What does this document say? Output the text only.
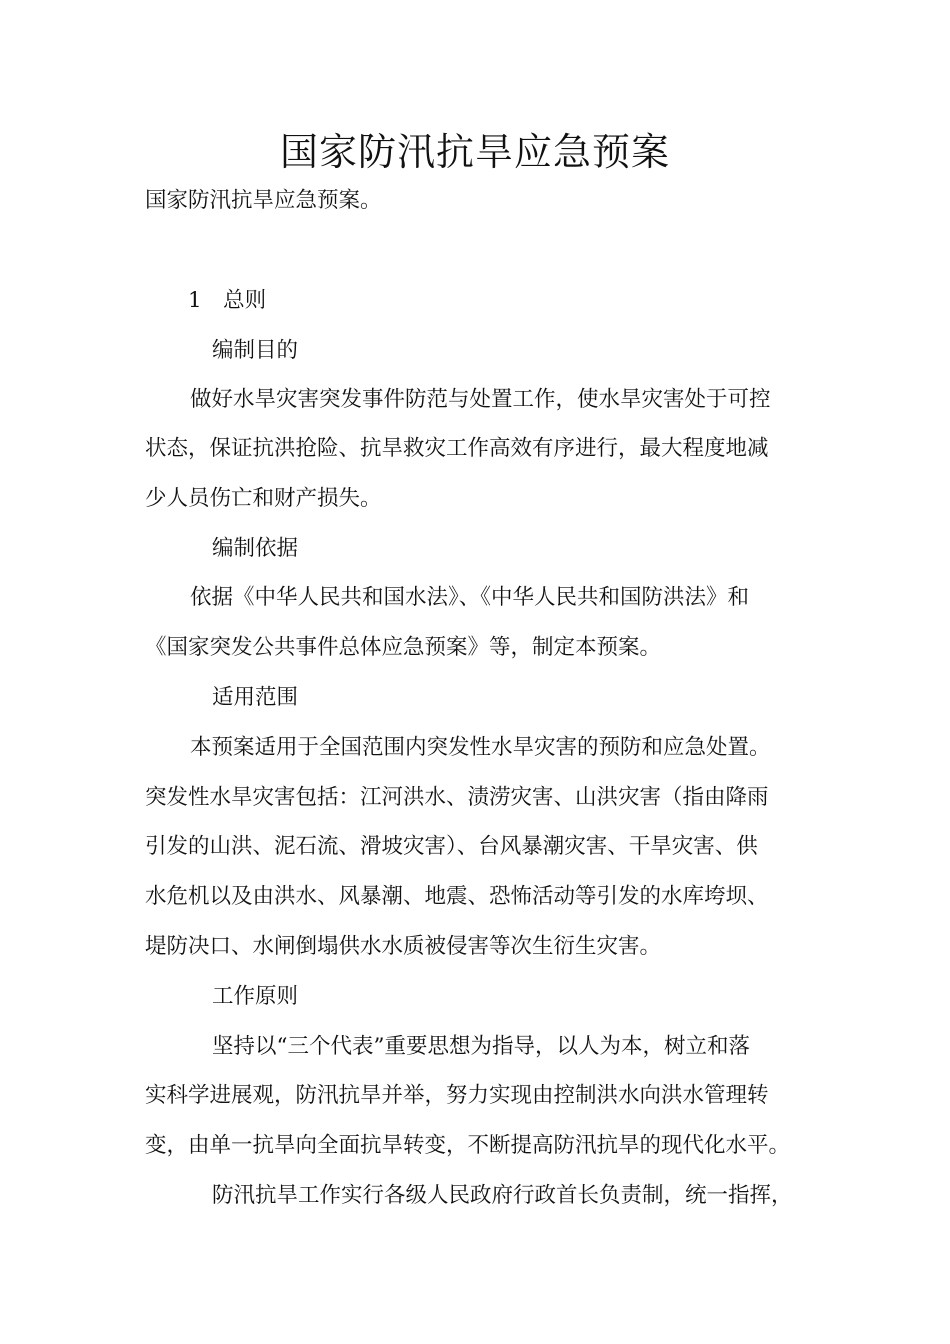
国家防汛抗旱应急预案
国家防汛抗旱应急预案。
1　总则
编制目的
做好水旱灾害突发事件防范与处置工作，使水旱灾害处于可控
状态，保证抗洪抢险、抗旱救灾工作高效有序进行，最大程度地减
少人员伤亡和财产损失。
编制依据
依据《中华人民共和国水法》、《中华人民共和国防洪法》和
《国家突发公共事件总体应急预案》等，制定本预案。
适用范围
本预案适用于全国范围内突发性水旱灾害的预防和应急处置。
突发性水旱灾害包括：江河洪水、渍涝灾害、山洪灾害（指由降雨
引发的山洪、泥石流、滑坡灾害）、台风暴潮灾害、干旱灾害、供
水危机以及由洪水、风暴潮、地震、恐怖活动等引发的水库垮坝、
堤防决口、水闸倒塌供水水质被侵害等次生衍生灾害。
工作原则
坚持以“三个代表”重要思想为指导，以人为本，树立和落
实科学进展观，防汛抗旱并举，努力实现由控制洪水向洪水管理转
变，由单一抗旱向全面抗旱转变，不断提高防汛抗旱的现代化水平。
防汛抗旱工作实行各级人民政府行政首长负责制，统一指挥，
